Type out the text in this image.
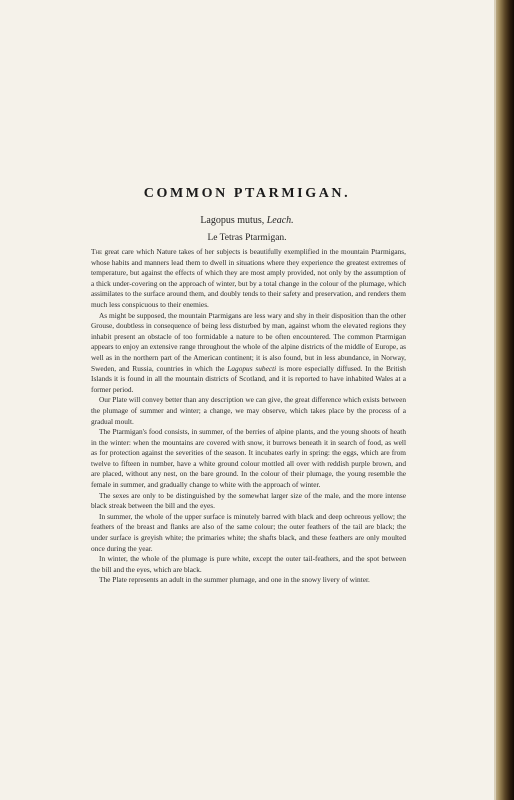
COMMON PTARMIGAN.
Lagopus mutus, Leach.
Le Tetras Ptarmigan.

The great care which Nature takes of her subjects is beautifully exemplified in the mountain Ptarmigans, whose habits and manners lead them to dwell in situations where they experience the greatest extremes of temperature, but against the effects of which they are most amply provided, not only by the assumption of a thick under-covering on the approach of winter, but by a total change in the colour of the plumage, which assimilates to the surface around them, and doubly tends to their safety and preservation, and renders them much less conspicuous to their enemies.

As might be supposed, the mountain Ptarmigans are less wary and shy in their disposition than the other Grouse, doubtless in consequence of being less disturbed by man, against whom the elevated regions they inhabit present an obstacle of too formidable a nature to be often encountered. The common Ptarmigan appears to enjoy an extensive range throughout the whole of the alpine districts of the middle of Europe, as well as in the northern part of the American continent; it is also found, but in less abundance, in Norway, Sweden, and Russia, countries in which the Lagopus subecti is more especially diffused. In the British Islands it is found in all the mountain districts of Scotland, and it is reported to have inhabited Wales at a former period.

Our Plate will convey better than any description we can give, the great difference which exists between the plumage of summer and winter; a change, we may observe, which takes place by the process of a gradual moult.

The Ptarmigan's food consists, in summer, of the berries of alpine plants, and the young shoots of heath in the winter: when the mountains are covered with snow, it burrows beneath it in search of food, as well as for protection against the severities of the season. It incubates early in spring: the eggs, which are from twelve to fifteen in number, have a white ground colour mottled all over with reddish purple brown, and are placed, without any nest, on the bare ground. In the colour of their plumage, the young resemble the female in summer, and gradually change to white with the approach of winter.

The sexes are only to be distinguished by the somewhat larger size of the male, and the more intense black streak between the bill and the eyes.

In summer, the whole of the upper surface is minutely barred with black and deep ochreous yellow; the feathers of the breast and flanks are also of the same colour; the outer feathers of the tail are black; the under surface is greyish white; the primaries white; the shafts black, and these feathers are only moulted once during the year.

In winter, the whole of the plumage is pure white, except the outer tail-feathers, and the spot between the bill and the eyes, which are black.

The Plate represents an adult in the summer plumage, and one in the snowy livery of winter.
